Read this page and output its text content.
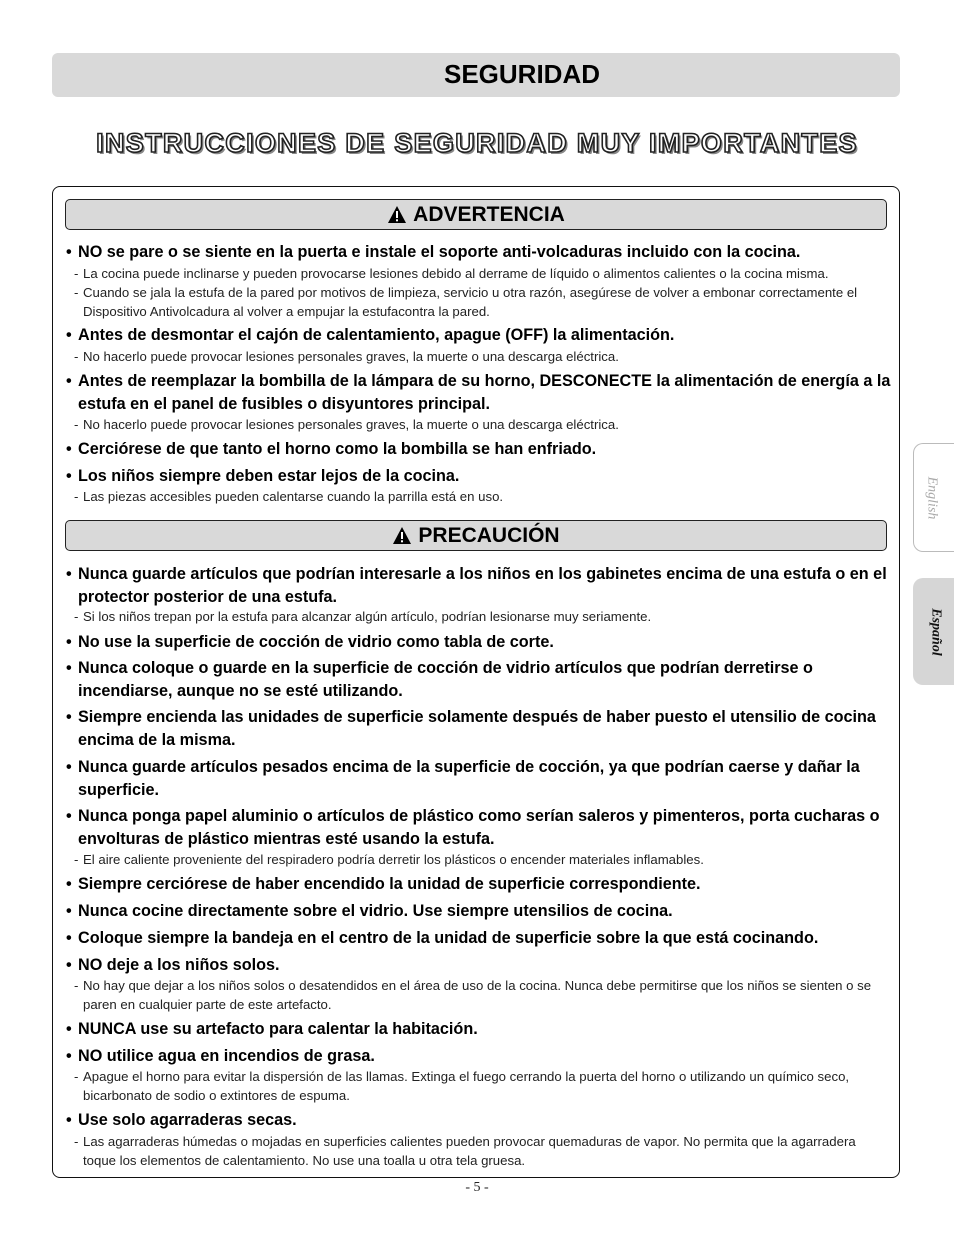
SEGURIDAD
INSTRUCCIONES DE SEGURIDAD MUY IMPORTANTES
ADVERTENCIA
• NO se pare o se siente en la puerta e instale el soporte anti-volcaduras incluido con la cocina.
- La cocina puede inclinarse y pueden provocarse lesiones debido al derrame de líquido o alimentos calientes o la cocina misma.
- Cuando se jala la estufa de la pared por motivos de limpieza, servicio u otra razón, asegúrese de volver a embonar correctamente el Dispositivo Antivolcadura al volver a empujar la estufacontra la pared.
• Antes de desmontar el cajón de calentamiento, apague (OFF) la alimentación.
- No hacerlo puede provocar lesiones personales graves, la muerte o una descarga eléctrica.
• Antes de reemplazar la bombilla de la lámpara de su horno, DESCONECTE la alimentación de energía a la estufa en el panel de fusibles o disyuntores principal.
- No hacerlo puede provocar lesiones personales graves, la muerte o una descarga eléctrica.
• Cerciórese de que tanto el horno como la bombilla se han enfriado.
• Los niños siempre deben estar lejos de la cocina.
- Las piezas accesibles pueden calentarse cuando la parrilla está en uso.
PRECAUCIÓN
• Nunca guarde artículos que podrían interesarle a los niños en los gabinetes encima de una estufa o en el protector posterior de una estufa.
- Si los niños trepan por la estufa para alcanzar algún artículo, podrían lesionarse muy seriamente.
• No use la superficie de cocción de vidrio como tabla de corte.
• Nunca coloque o guarde en la superficie de cocción de vidrio artículos que podrían derretirse o incendiarse, aunque no se esté utilizando.
• Siempre encienda las unidades de superficie solamente después de haber puesto el utensilio de cocina encima de la misma.
• Nunca guarde artículos pesados encima de la superficie de cocción, ya que podrían caerse y dañar la superficie.
• Nunca ponga papel aluminio o artículos de plástico como serían saleros y pimenteros, porta cucharas o envolturas de plástico mientras esté usando la estufa.
- El aire caliente proveniente del respiradero podría derretir los plásticos o encender materiales inflamables.
• Siempre cerciórese de haber encendido la unidad de superficie correspondiente.
• Nunca cocine directamente sobre el vidrio. Use siempre utensilios de cocina.
• Coloque siempre la bandeja en el centro de la unidad de superficie sobre la que está cocinando.
• NO deje a los niños solos.
- No hay que dejar a los niños solos o desatendidos en el área de uso de la cocina. Nunca debe permitirse que los niños se sienten o se paren en cualquier parte de este artefacto.
• NUNCA use su artefacto para calentar la habitación.
• NO utilice agua en incendios de grasa.
- Apague el horno para evitar la dispersión de las llamas. Extinga el fuego cerrando la puerta del horno o utilizando un químico seco, bicarbonato de sodio o extintores de espuma.
• Use solo agarraderas secas.
- Las agarraderas húmedas o mojadas en superficies calientes pueden provocar quemaduras de vapor. No permita que la agarradera toque los elementos de calentamiento. No use una toalla u otra tela gruesa.
- 5 -
English
Español
